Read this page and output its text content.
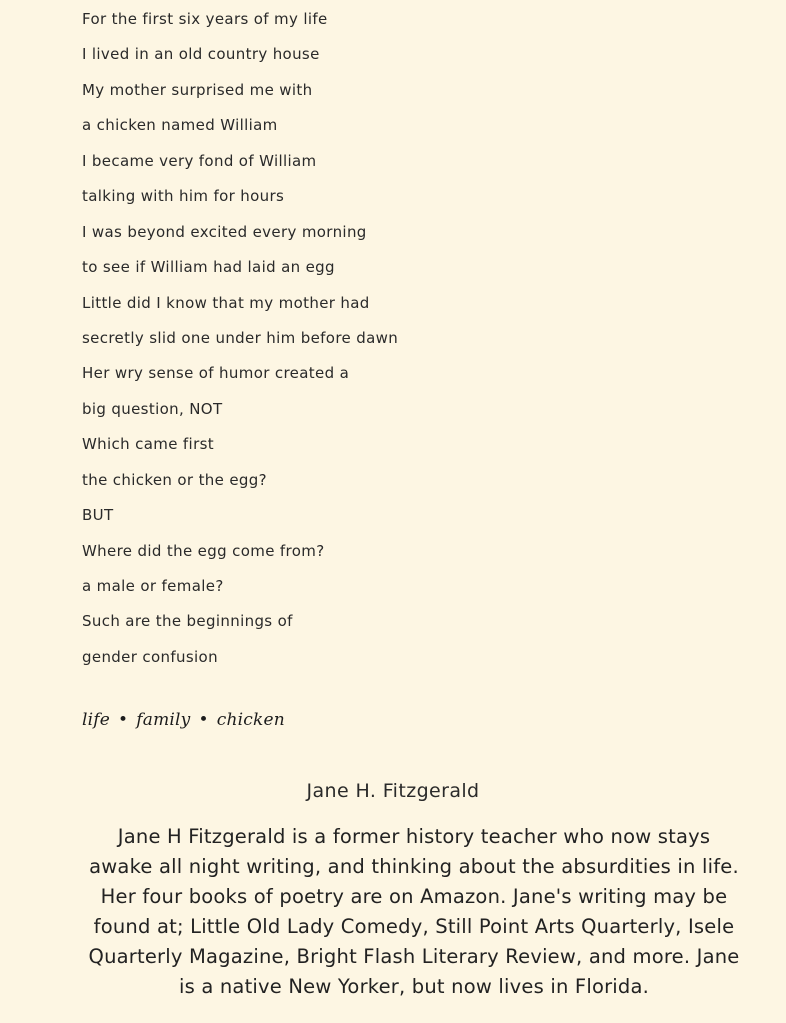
For the first six years of my life
I lived in an old country house
My mother surprised me with
a chicken named William
I became very fond of William
talking with him for hours
I was beyond excited every morning
to see if William had laid an egg
Little did I know that my mother had
secretly slid one under him before dawn
Her wry sense of humor created a
big question, NOT
Which came first
the chicken or the egg?
BUT
Where did the egg come from?
a male or female?
Such are the beginnings of
gender confusion
life • family • chicken
Jane H. Fitzgerald
Jane H Fitzgerald is a former history teacher who now stays awake all night writing, and thinking about the absurdities in life. Her four books of poetry are on Amazon. Jane's writing may be found at; Little Old Lady Comedy, Still Point Arts Quarterly, Isele Quarterly Magazine, Bright Flash Literary Review, and more. Jane is a native New Yorker, but now lives in Florida.
